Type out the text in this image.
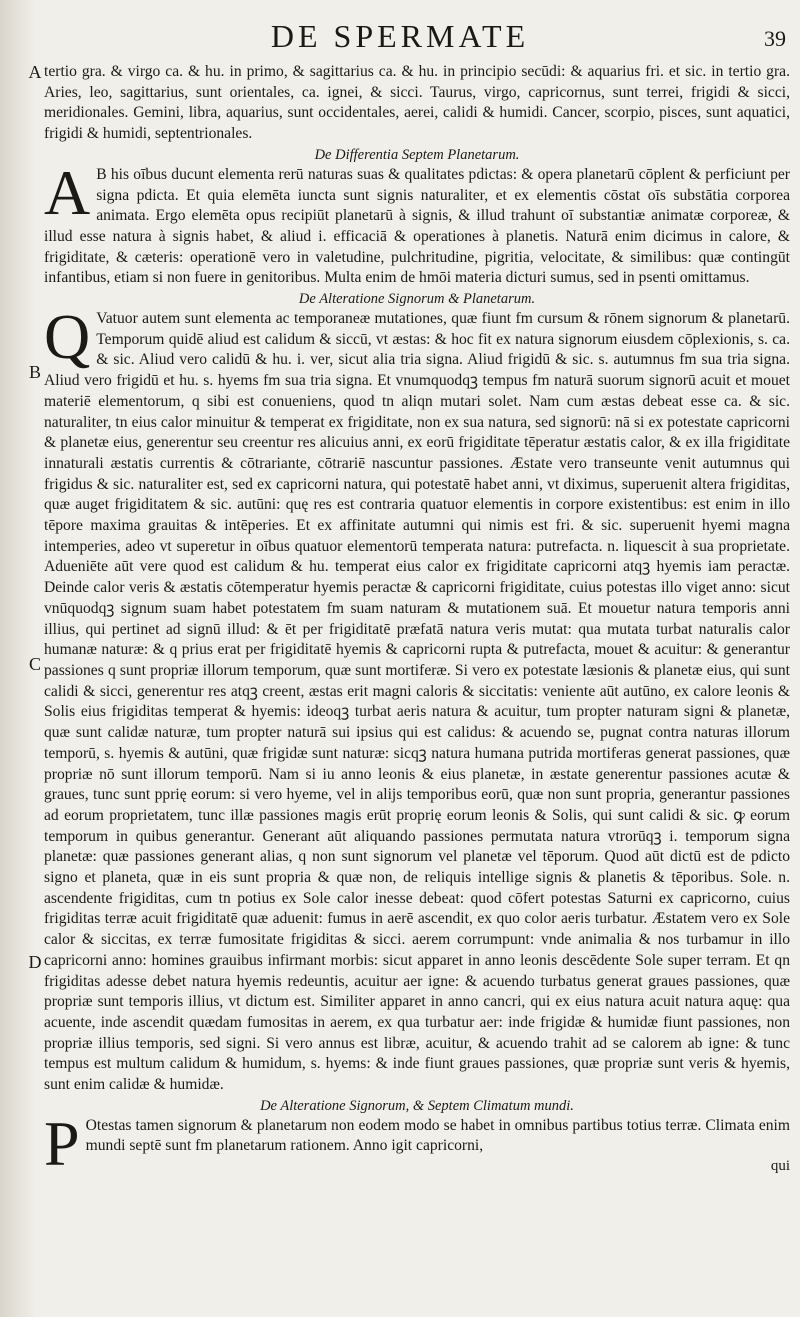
DE SPERMATE	39
A
B
C
D

tertio gra. & virgo ca. & hu. in primo, & sagittarius ca. & hu. in principio secūdi: & aquarius fri. et sic. in tertio gra. Aries, leo, sagittarius, sunt orientales, ca. ignei, & sicci. Taurus, virgo, capricornus, sunt terrei, frigidi & sicci, meridionales. Gemini, libra, aquarius, sunt occidentales, aerei, calidi & humidi. Cancer, scorpio, pisces, sunt aquatici, frigidi & humidi, septentrionales.

De Differentia Septem Planetarum.

A B his oībus ducunt elementa rerū naturas suas & qualitates pdictas: & opera planetarū cōplent & perficiunt per signa pdicta. Et quia elemēta iuncta sunt signis naturaliter, et ex elementis cōstat oīs substātia corporea animata. Ergo elemēta opus recipiūt planetarū à signis, & illud trahunt oī substantiæ animatæ corporeæ, & illud esse natura à signis habet, & aliud i. efficaciā & operationes à planetis. Naturā enim dicimus in calore, & frigiditate, & cæteris: operationē vero in valetudine, pulchritudine, pigritia, velocitate, & similibus: quæ contingūt infantibus, etiam si non fuere in genitoribus. Multa enim de hmōi materia dicturi sumus, sed in psenti omittamus.

De Alteratione Signorum & Planetarum.

Q Vatuor autem sunt elementa ac temporaneæ mutationes, quæ fiunt fm cursum & rōnem signorum & planetarū. Temporum quidē aliud est calidum & siccū, vt æstas: & hoc fit ex natura signorum eiusdem cōplexionis, s. ca. & sic. Aliud vero calidū & hu. i. ver, sicut alia tria signa. Aliud frigidū & sic. s. autumnus fm sua tria signa. Aliud vero frigidū et hu. s. hyems fm sua tria signa. Et vnumquodqꝫ tempus fm naturā suorum signorū acuit et mouet materiē elementorum, q sibi est conueniens, quod tn aliqn mutari solet. Nam cum æstas debeat esse ca. & sic. naturaliter, tn eius calor minuitur & temperat ex frigiditate, non ex sua natura, sed signorū: nā si ex potestate capricorni & planetæ eius, generentur seu creentur res alicuius anni, ex eorū frigiditate tēperatur æstatis calor, & ex illa frigiditate innaturali æstatis currentis & cōtrariante, cōtrariē nascuntur passiones. Æstate vero transeunte venit autumnus qui frigidus & sic. naturaliter est, sed ex capricorni natura, qui potestatē habet anni, vt diximus, superuenit altera frigiditas, quæ auget frigiditatem & sic. autūni: quę res est contraria quatuor elementis in corpore existentibus: est enim in illo tēpore maxima grauitas & intēperies. Et ex affinitate autumni qui nimis est fri. & sic. superuenit hyemi magna intemperies, adeo vt superetur in oībus quatuor elementorū temperata natura: putrefacta. n. liquescit à sua proprietate. Adueniēte aūt vere quod est calidum & hu. temperat eius calor ex frigiditate capricorni atqꝫ hyemis iam peractæ. Deinde calor veris & æstatis cōtemperatur hyemis peractæ & capricorni frigiditate, cuius potestas illo viget anno: sicut vnūquodqꝫ signum suam habet potestatem fm suam naturam & mutationem suā. Et mouetur natura temporis anni illius, qui pertinet ad signū illud: & ēt per frigiditatē præfatā natura veris mutat: qua mutata turbat naturalis calor humanæ naturæ: & q prius erat per frigiditatē hyemis & capricorni rupta & putrefacta, mouet & acuitur: & generantur passiones q sunt propriæ illorum temporum, quæ sunt mortiferæ. Si vero ex potestate læsionis & planetæ eius, qui sunt calidi & sicci, generentur res atqꝫ creent, æstas erit magni caloris & siccitatis: veniente aūt autūno, ex calore leonis & Solis eius frigiditas temperat & hyemis: ideoqꝫ turbat aeris natura & acuitur, tum propter naturam signi & planetæ, quæ sunt calidæ naturæ, tum propter naturā sui ipsius qui est calidus: & acuendo se, pugnat contra naturas illorum temporū, s. hyemis & autūni, quæ frigidæ sunt naturæ: sicqꝫ natura humana putrida mortiferas generat passiones, quæ propriæ nō sunt illorum temporū. Nam si iu anno leonis & eius planetæ, in æstate generentur passiones acutæ & graues, tunc sunt pprię eorum: si vero hyeme, vel in alijs temporibus eorū, quæ non sunt propria, generantur passiones ad eorum proprietatem, tunc illæ passiones magis erūt proprię eorum leonis & Solis, qui sunt calidi & sic. ꝙ eorum temporum in quibus generantur. Generant aūt aliquando passiones permutata natura vtrorūqꝫ i. temporum signa planetæ: quæ passiones generant alias, q non sunt signorum vel planetæ vel tēporum. Quod aūt dictū est de pdicto signo et planeta, quæ in eis sunt propria & quæ non, de reliquis intellige signis & planetis & tēporibus. Sole. n. ascendente frigiditas, cum tn potius ex Sole calor inesse debeat: quod cōfert potestas Saturni ex capricorno, cuius frigiditas terræ acuit frigiditatē quæ aduenit: fumus in aerē ascendit, ex quo color aeris turbatur. Æstatem vero ex Sole calor & siccitas, ex terræ fumositate frigiditas & sicci. aerem corrumpunt: vnde animalia & nos turbamur in illo capricorni anno: homines grauibus infirmant morbis: sicut apparet in anno leonis descēdente Sole super terram. Et qn frigiditas adesse debet natura hyemis redeuntis, acuitur aer igne: & acuendo turbatus generat graues passiones, quæ propriæ sunt temporis illius, vt dictum est. Similiter apparet in anno cancri, qui ex eius natura acuit natura aquę: qua acuente, inde ascendit quædam fumositas in aerem, ex qua turbatur aer: inde frigidæ & humidæ fiunt passiones, non propriæ illius temporis, sed signi. Si vero annus est libræ, acuitur, & acuendo trahit ad se calorem ab igne: & tunc tempus est multum calidum & humidum, s. hyems: & inde fiunt graues passiones, quæ propriæ sunt veris & hyemis, sunt enim calidæ & humidæ.

De Alteratione Signorum, & Septem Climatum mundi.

P Otestas tamen signorum & planetarum non eodem modo se habet in omnibus partibus totius terræ. Climata enim mundi septē sunt fm planetarum rationem. Anno igit capricorni,

qui
